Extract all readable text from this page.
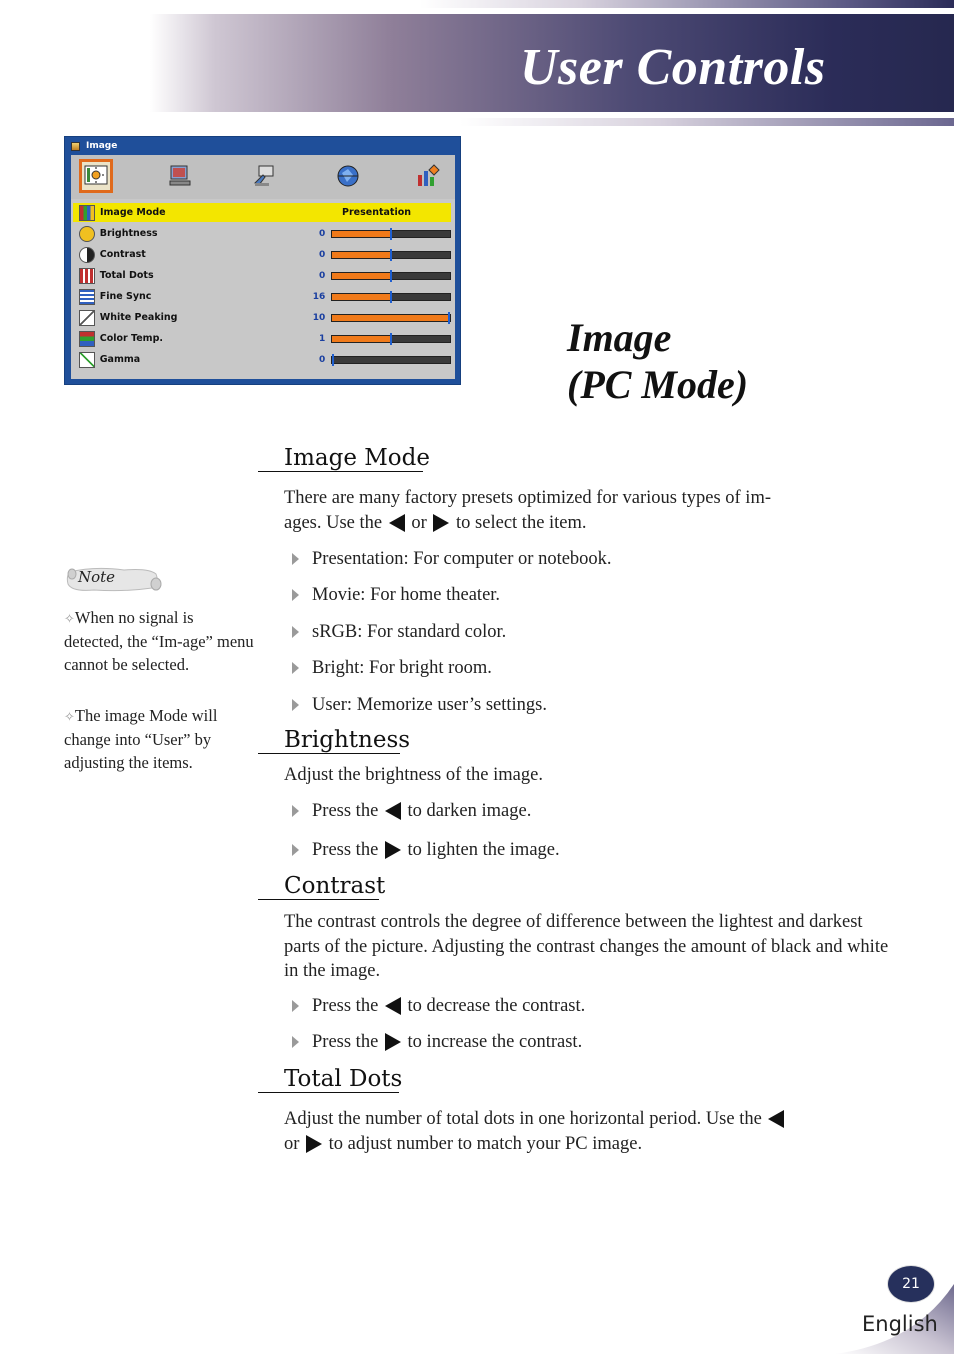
User Controls
Image
Image Mode	Presentation
Brightness	0
Contrast	0
Total Dots	0
Fine Sync	16
White Peaking	10
Color Temp.	1
Gamma	0	Image
(PC Mode)
Note
✧When no signal is detected, the “Im-age” menu cannot be selected.
✧The image Mode will change into “User” by adjusting the items.
Image Mode
There are many factory presets optimized for various types of im-
ages. Use the or to select the item.
Presentation: For computer or notebook.
Movie: For home theater.
sRGB: For standard color.
Bright: For bright room.
User: Memorize user’s settings.
Brightness
Adjust the brightness of the image.
Press the

to darken image.
Press the

to lighten the image.
Contrast
The contrast controls the degree of difference between the lightest and darkest parts of the picture. Adjusting the contrast changes the amount of black and white in the image.
Press the

to decrease the contrast.
Press the

to increase the contrast.
Total Dots
Adjust the number of total dots in one horizontal period. Use the
or to adjust number to match your PC image.
21
English
